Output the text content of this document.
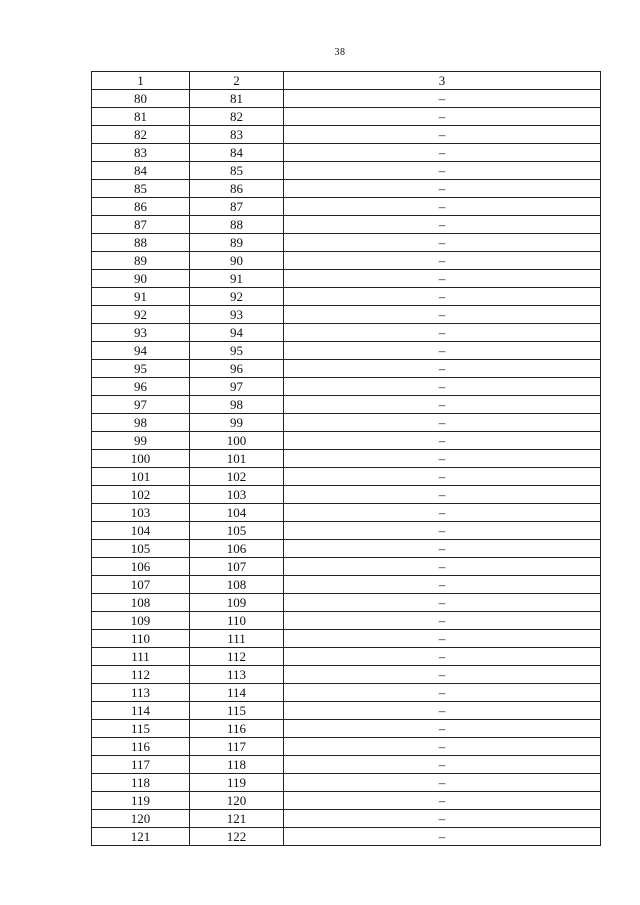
38
1	2	3
80	81	–
81	82	–
82	83	–
83	84	–
84	85	–
85	86	–
86	87	–
87	88	–
88	89	–
89	90	–
90	91	–
91	92	–
92	93	–
93	94	–
94	95	–
95	96	–
96	97	–
97	98	–
98	99	–
99	100	–
100	101	–
101	102	–
102	103	–
103	104	–
104	105	–
105	106	–
106	107	–
107	108	–
108	109	–
109	110	–
110	111	–
111	112	–
112	113	–
113	114	–
114	115	–
115	116	–
116	117	–
117	118	–
118	119	–
119	120	–
120	121	–
121	122	–
